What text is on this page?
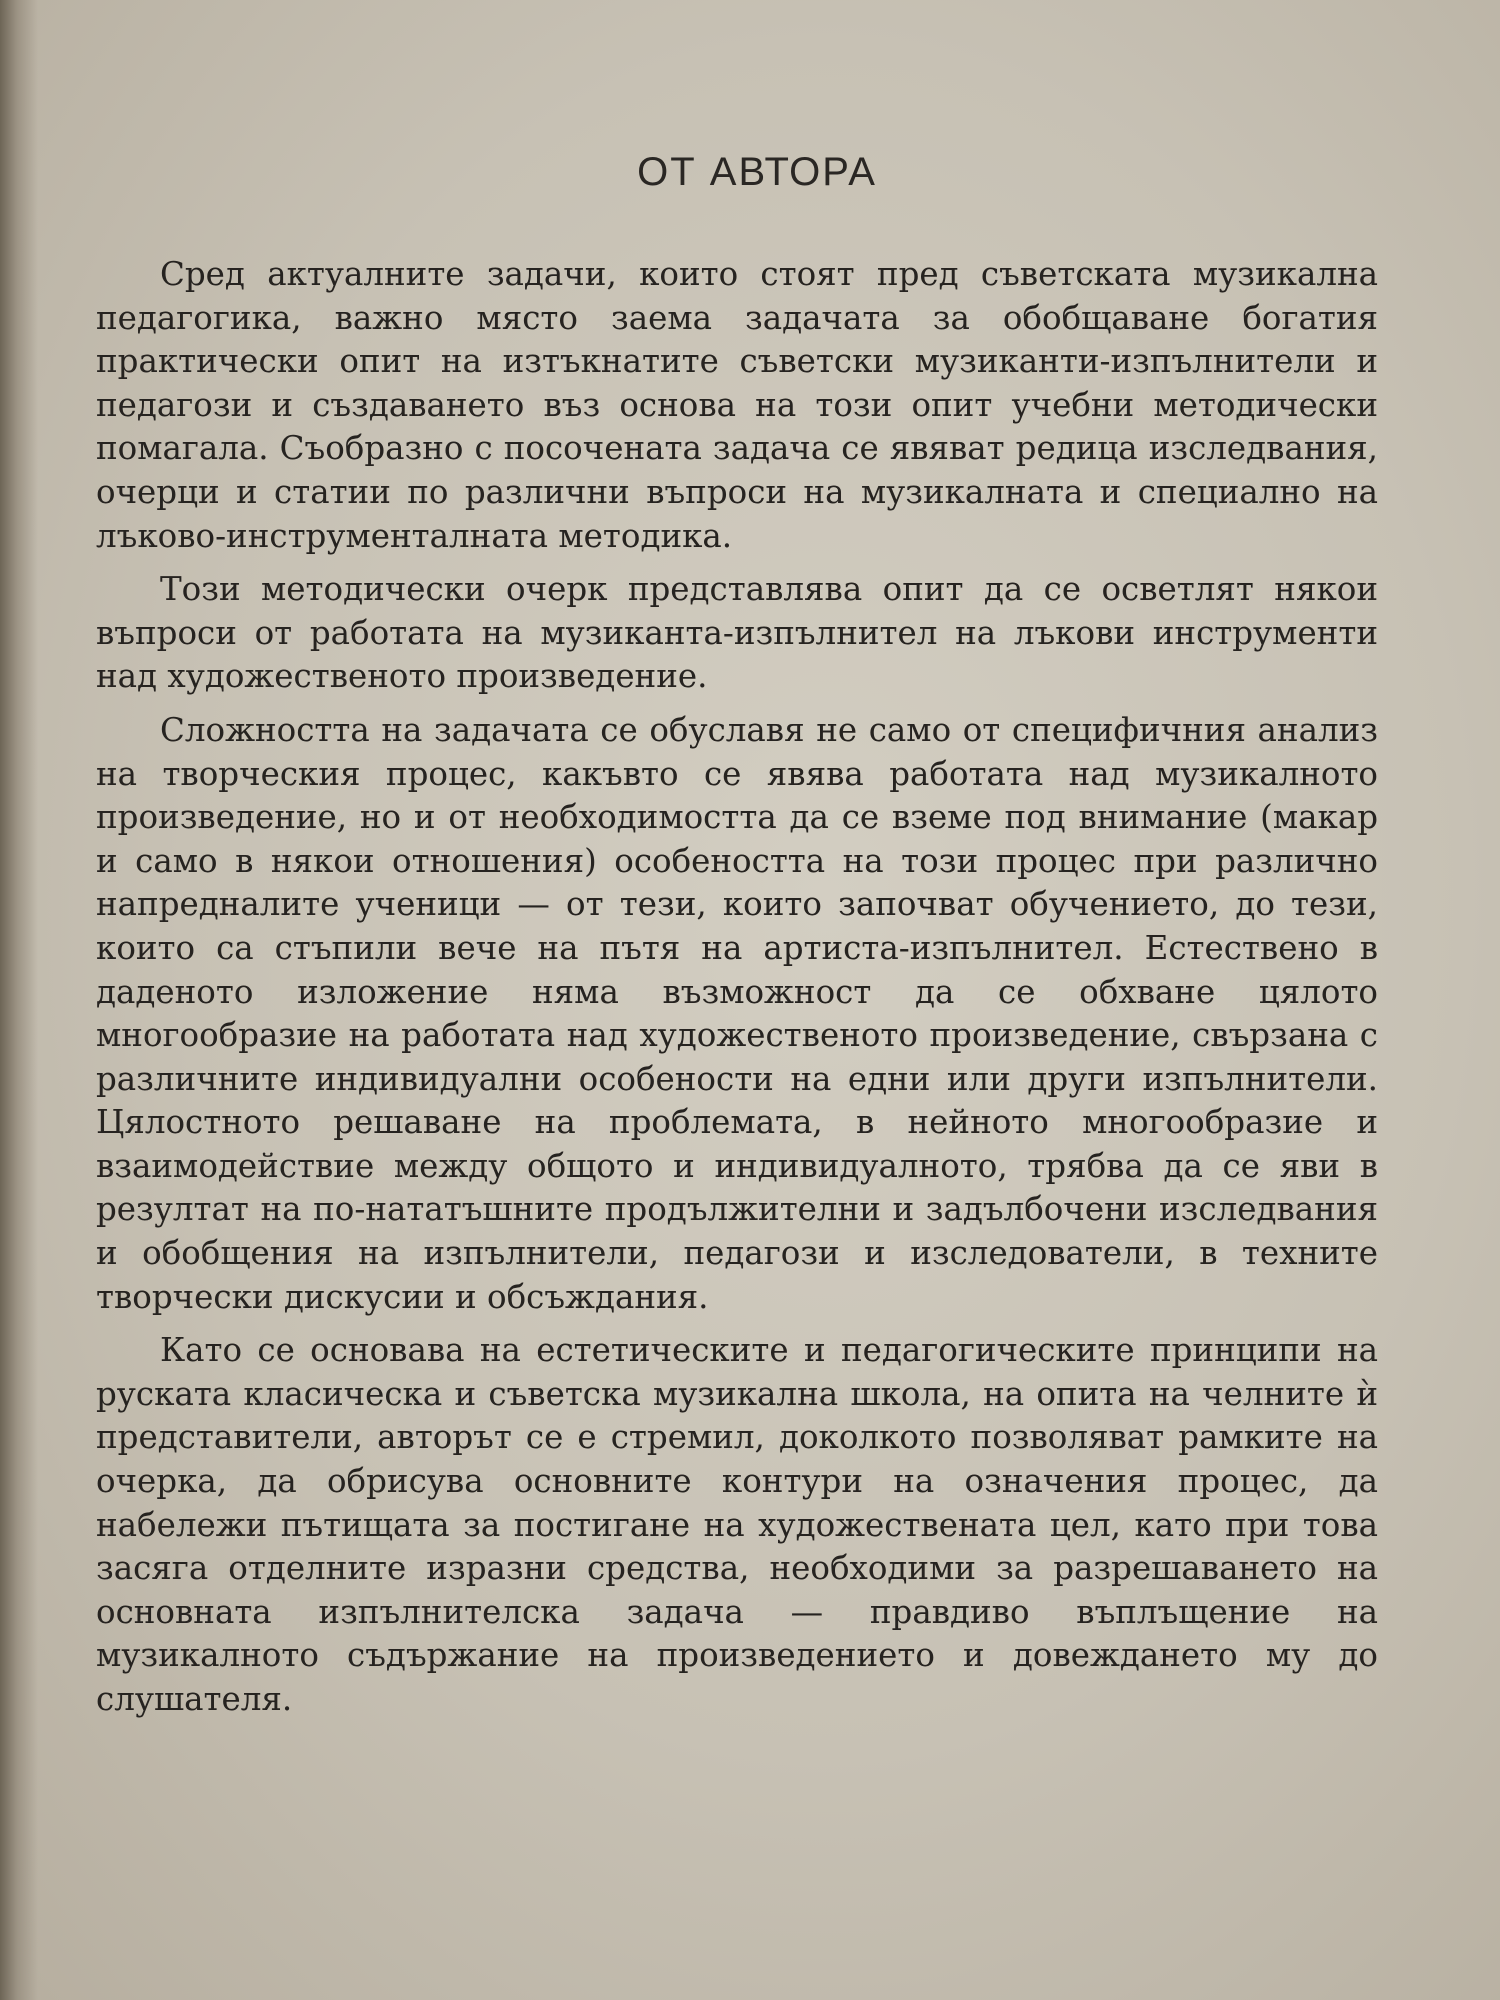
ОТ АВТОРА

Сред актуалните задачи, които стоят пред съветската музикална педагогика, важно място заема задачата за обобщаване богатия практически опит на изтъкнатите съветски музиканти-изпълнители и педагози и създаването въз основа на този опит учебни методически помагала. Съобразно с посочената задача се явяват редица изследвания, очерци и статии по различни въпроси на музикалната и специално на лъково-инструменталната методика.

Този методически очерк представлява опит да се осветлят някои въпроси от работата на музиканта-изпълнител на лъкови инструменти над художественото произведение.

Сложността на задачата се обуславя не само от специфичния анализ на творческия процес, какъвто се явява работата над музикалното произведение, но и от необходимостта да се вземе под внимание (макар и само в някои отношения) особеността на този процес при различно напредналите ученици — от тези, които започват обучението, до тези, които са стъпили вече на пътя на артиста-изпълнител. Естествено в даденото изложение няма възможност да се обхване цялото многообразие на работата над художественото произведение, свързана с различните индивидуални особености на едни или други изпълнители. Цялостното решаване на проблемата, в нейното многообразие и взаимодействие между общото и индивидуалното, трябва да се яви в резултат на по-нататъшните продължителни и задълбочени изследвания и обобщения на изпълнители, педагози и изследователи, в техните творчески дискусии и обсъждания.

Като се основава на естетическите и педагогическите принципи на руската класическа и съветска музикална школа, на опита на челните ѝ представители, авторът се е стремил, доколкото позволяват рамките на очерка, да обрисува основните контури на означения процес, да набележи пътищата за постигане на художествената цел, като при това засяга отделните изразни средства, необходими за разрешаването на основната изпълнителска задача — правдиво въплъщение на музикалното съдържание на произведението и довеждането му до слушателя.
